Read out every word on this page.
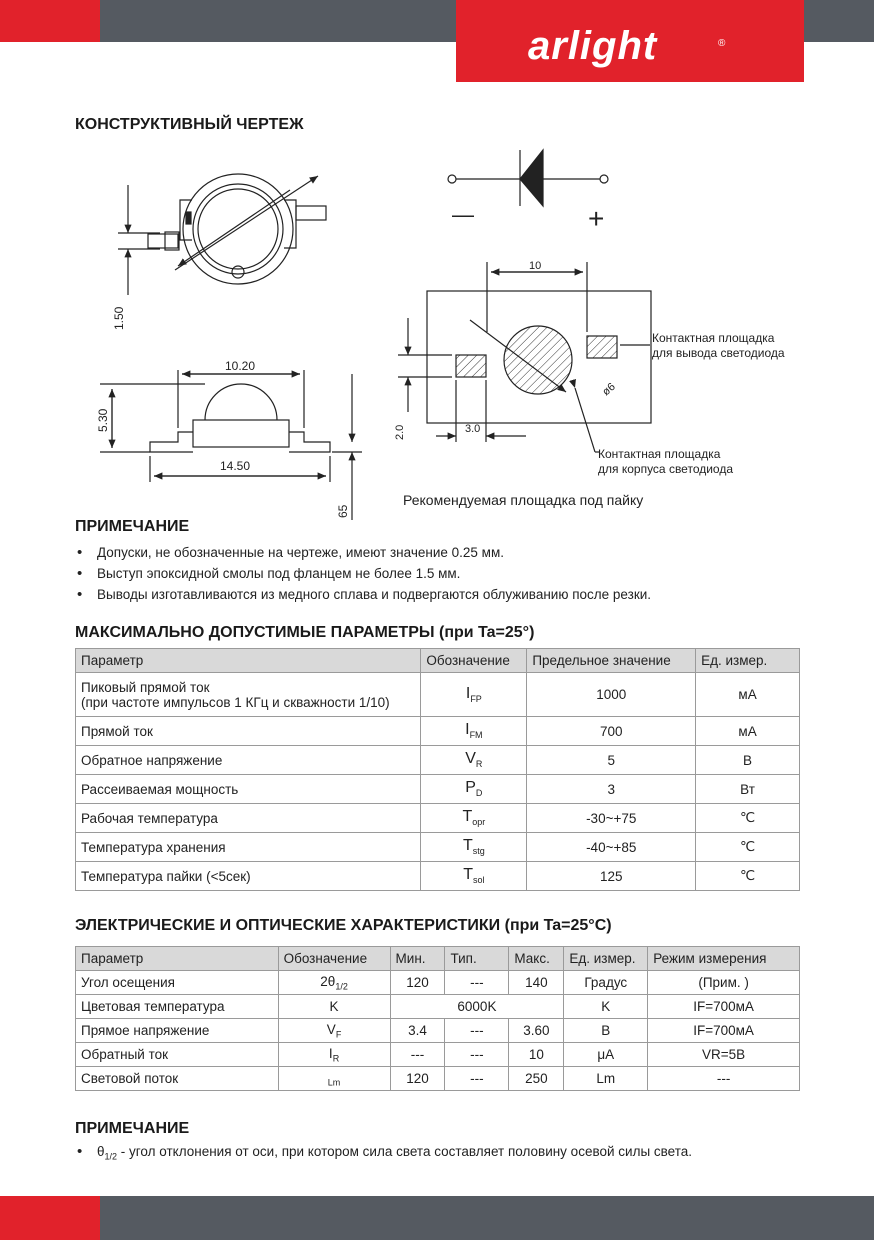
arlight	®
КОНСТРУКТИВНЫЙ ЧЕРТЕЖ
1.50
10.20
14.50
5.30
65
—	+
10
3.0
2.0
ø6
Контактная площадка
для вывода светодиода
Контактная площадка
для корпуса светодиода
Рекомендуемая площадка под пайку
ПРИМЕЧАНИЕ
• Допуски, не обозначенные на чертеже, имеют значение 0.25 мм.
• Выступ эпоксидной смолы под фланцем не более 1.5 мм.
• Выводы изготавливаются из медного сплава и подвергаются облуживанию после резки.
МАКСИМАЛЬНО ДОПУСТИМЫЕ ПАРАМЕТРЫ (при Ta=25°)
Параметр	Обозначение	Предельное значение	Ед. измер.

Пиковый прямой ток
(при частоте импульсов 1 КГц и скважности 1/10)	$I_{FP}$	1000	мА
Прямой ток	$I_{FM}$	700	мА
Обратное напряжение	$V_R$	5	В
Рассеиваемая мощность	$P_D$	3	Вт
Рабочая температура	$T_{opr}$	-30~+75	℃
Температура хранения	$T_{stg}$	-40~+85	℃
Температура пайки (<5сек)	$T_{sol}$	125	℃
ЭЛЕКТРИЧЕСКИЕ И ОПТИЧЕСКИЕ ХАРАКТЕРИСТИКИ (при Ta=25°C)
Параметр	Обозначение	Мин.	Тип.	Макс.	Ед. измер.	Режим измерения
Угол осещения	$2\theta_{1/2}$	120	---	140	Градус	(Прим. )
Цветовая температура	K	6000K			K	IF=700мА
Прямое напряжение	$V_F$	3.4	---	3.60	В	IF=700мА
Обратный ток	$I_R$	---	---	10	μА	VR=5В
Световой поток	$_{Lm}$	120	---	250	Lm	---
ПРИМЕЧАНИЕ
• $\theta_{1/2}$ - угол отклонения от оси, при котором сила света составляет половину осевой силы света.
